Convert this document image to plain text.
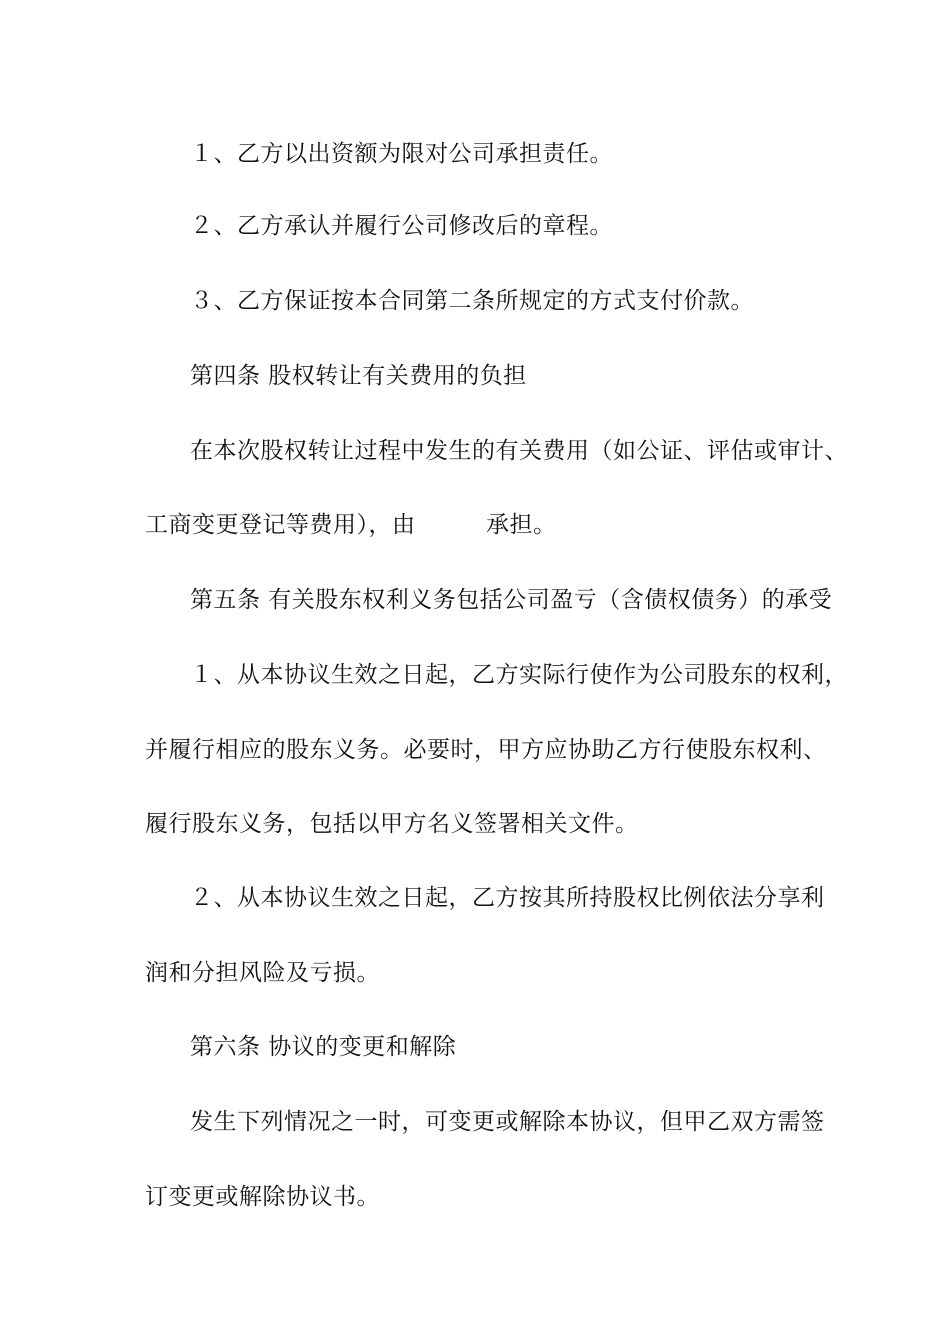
１、乙方以出资额为限对公司承担责任。
２、乙方承认并履行公司修改后的章程。
３、乙方保证按本合同第二条所规定的方式支付价款。
第四条 股权转让有关费用的负担
在本次股权转让过程中发生的有关费用（如公证、评估或审计、
工商变更登记等费用），由　　　承担。
第五条 有关股东权利义务包括公司盈亏（含债权债务）的承受
１、从本协议生效之日起，乙方实际行使作为公司股东的权利，
并履行相应的股东义务。必要时，甲方应协助乙方行使股东权利、
履行股东义务，包括以甲方名义签署相关文件。
２、从本协议生效之日起，乙方按其所持股权比例依法分享利
润和分担风险及亏损。
第六条 协议的变更和解除
发生下列情况之一时，可变更或解除本协议，但甲乙双方需签
订变更或解除协议书。
